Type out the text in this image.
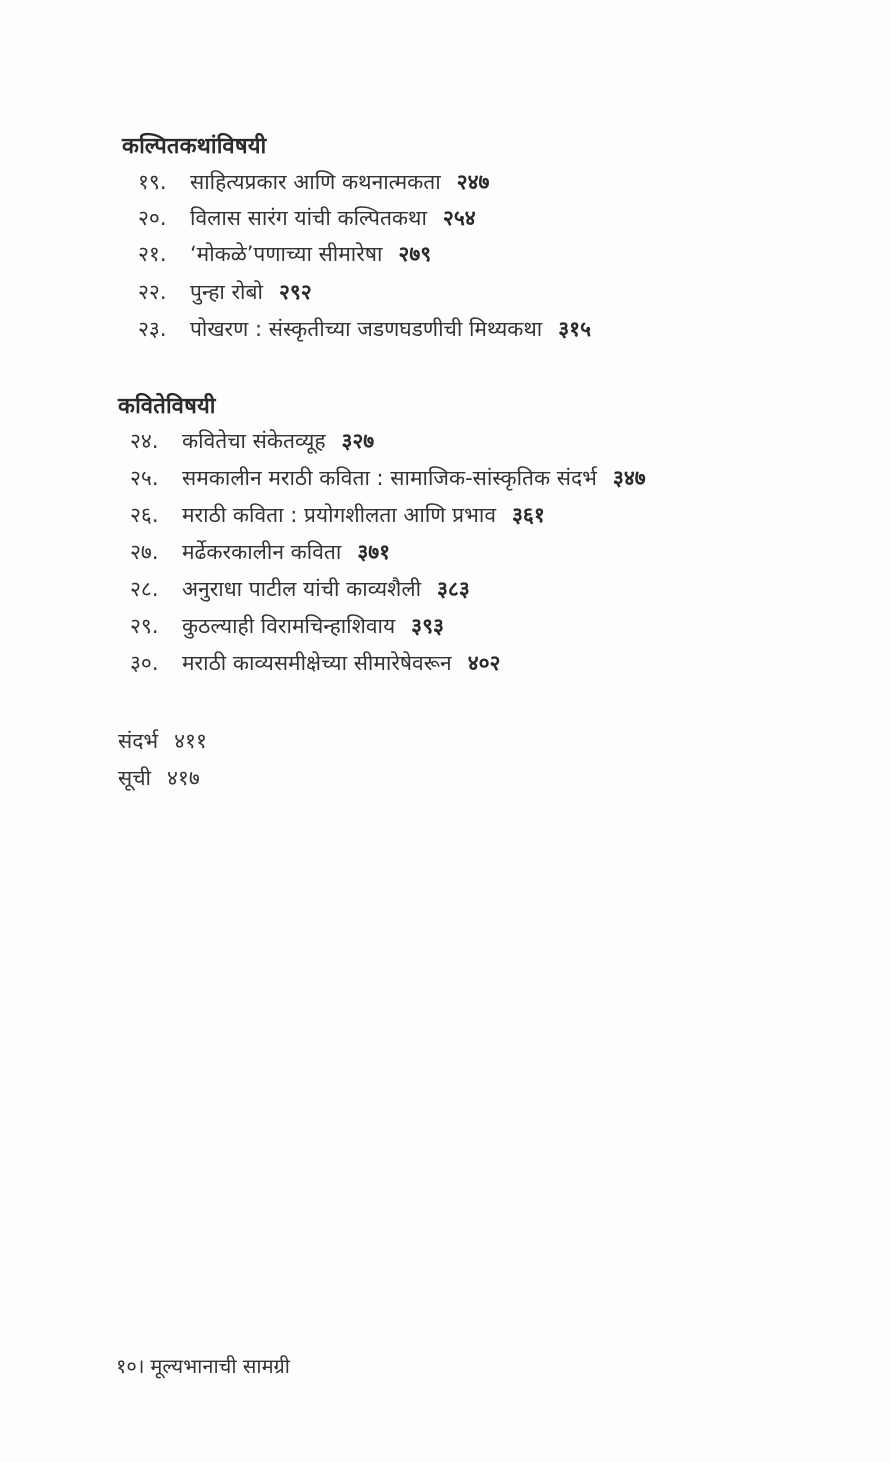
कल्पितकथांविषयी
१९. साहित्यप्रकार आणि कथनात्मकता २४७
२०. विलास सारंग यांची कल्पितकथा २५४
२१. ‘मोकळे’पणाच्या सीमारेषा २७९
२२. पुन्हा रोबो २९२
२३. पोखरण : संस्कृतीच्या जडणघडणीची मिथ्यकथा ३१५
कवितेविषयी
२४. कवितेचा संकेतव्यूह ३२७
२५. समकालीन मराठी कविता : सामाजिक-सांस्कृतिक संदर्भ ३४७
२६. मराठी कविता : प्रयोगशीलता आणि प्रभाव ३६१
२७. मर्ढेकरकालीन कविता ३७१
२८. अनुराधा पाटील यांची काव्यशैली ३८३
२९. कुठल्याही विरामचिन्हाशिवाय ३९३
३०. मराठी काव्यसमीक्षेच्या सीमारेषेवरून ४०२
संदर्भ ४११
सूची ४१७
१०। मूल्यभानाची सामग्री
